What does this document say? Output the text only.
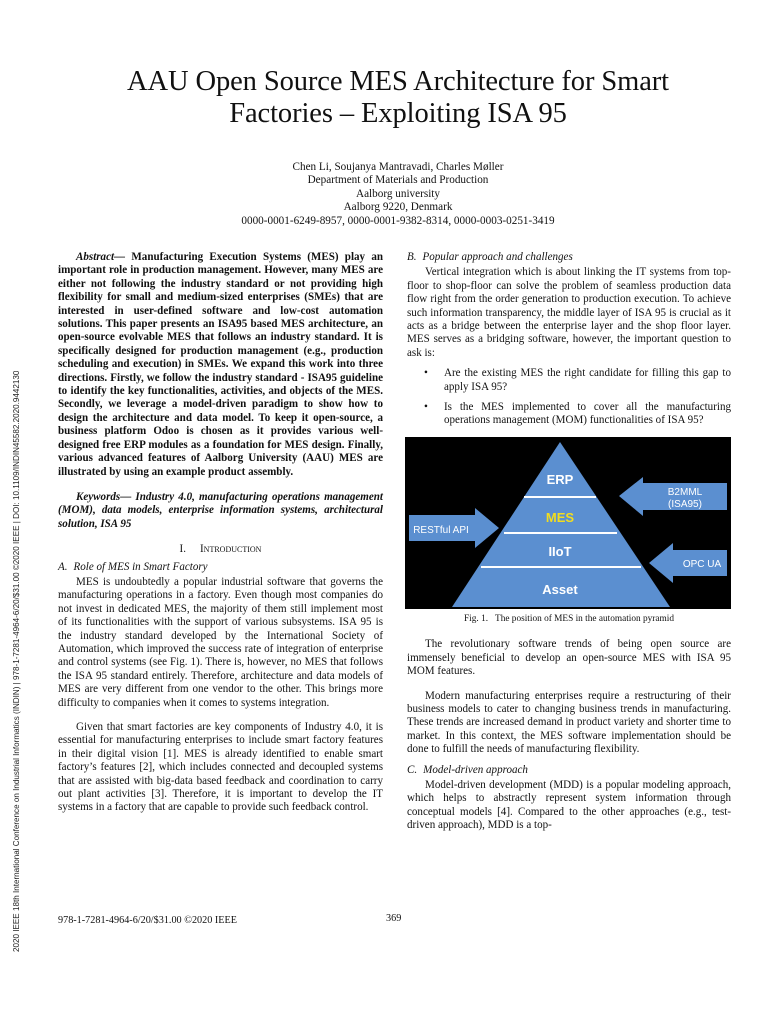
AAU Open Source MES Architecture for Smart
Factories – Exploiting ISA 95
Chen Li, Soujanya Mantravadi, Charles Møller
Department of Materials and Production
Aalborg university
Aalborg 9220, Denmark
0000-0001-6249-8957, 0000-0001-9382-8314, 0000-0003-0251-3419
2020 IEEE 18th International Conference on Industrial Informatics (INDIN) | 978-1-7281-4964-6/20/$31.00 ©2020 IEEE | DOI: 10.1109/INDIN45582.2020.9442130

Abstract— Manufacturing Execution Systems (MES) play an important role in production management. However, many MES are either not following the industry standard or not providing high flexibility for small and medium-sized enterprises (SMEs) that are interested in user-defined software and low-cost automation solutions. This paper presents an ISA95 based MES architecture, an open-source evolvable MES that follows an industry standard. It is specifically designed for production management (e.g., production scheduling and execution) in SMEs. We expand this work into three directions. Firstly, we follow the industry standard - ISA95 guideline to identify the key functionalities, activities, and objects of the MES. Secondly, we leverage a model-driven paradigm to show how to design the architecture and data model. To keep it open-source, a business platform Odoo is chosen as it provides various well-designed free ERP modules as a foundation for MES design. Finally, various advanced features of Aalborg University (AAU) MES are illustrated by using an example product assembly.

Keywords— Industry 4.0, manufacturing operations management (MOM), data models, enterprise information systems, architectural solution, ISA 95

I. Introduction
A. Role of MES in Smart Factory

MES is undoubtedly a popular industrial software that governs the manufacturing operations in a factory. Even though most companies do not invest in dedicated MES, the majority of them still implement most of its functionalities with the support of various subsystems. ISA 95 is the industry standard developed by the International Society of Automation, which improved the success rate of integration of enterprise and control systems (see Fig. 1). There is, however, no MES that follows the ISA 95 standard entirely. Therefore, architecture and data models of MES are very different from one vendor to the other. This brings more difficulty to companies when it comes to systems integration.

Given that smart factories are key components of Industry 4.0, it is essential for manufacturing enterprises to include smart factory features in their digital vision [1]. MES is already identified to enable smart factory’s features [2], which includes connected and decoupled systems that are assisted with big-data based feedback and coordination to carry out plant activities [3]. Therefore, it is important to develop the IT systems in a factory that are capable to provide such feedback control.

B. Popular approach and challenges

Vertical integration which is about linking the IT systems from top-floor to shop-floor can solve the problem of seamless production data flow right from the order generation to production execution. To achieve such information transparency, the middle layer of ISA 95 is crucial as it acts as a bridge between the enterprise layer and the shop floor layer. MES serves as a bridging software, however, the important question to ask is:

• Are the existing MES the right candidate for filling this gap to apply ISA 95?
• Is the MES implemented to cover all the manufacturing operations management (MOM) functionalities of ISA 95?
ERP
MES
IIoT
Asset
B2MML
(ISA95)
RESTful API
OPC UA
Fig. 1. The position of MES in the automation pyramid

The revolutionary software trends of being open source are immensely beneficial to develop an open-source MES with ISA 95 MOM features.

Modern manufacturing enterprises require a restructuring of their business models to cater to changing business trends in manufacturing. These trends are increased demand in product variety and shorter time to market. In this context, the MES software implementation should be done to fulfill the needs of manufacturing flexibility.

C. Model-driven approach

Model-driven development (MDD) is a popular modeling approach, which helps to abstractly represent system information through conceptual models [4]. Compared to the other approaches (e.g., test-driven approach), MDD is a top-

978-1-7281-4964-6/20/$31.00 ©2020 IEEE	369
